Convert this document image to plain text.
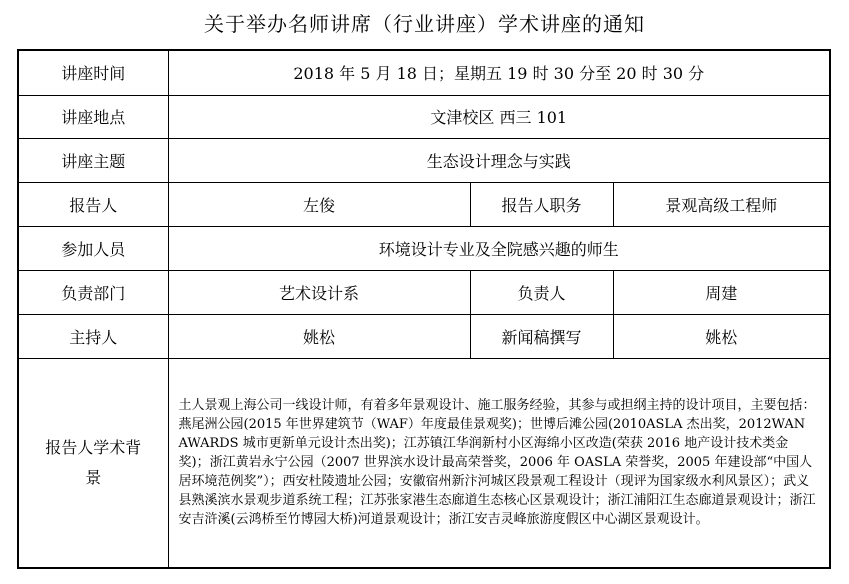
关于举办名师讲席（行业讲座）学术讲座的通知
讲座时间	2018 年 5 月 18 日；星期五 19 时 30 分至 20 时 30 分		
讲座地点	文津校区 西三 101		
讲座主题	生态设计理念与实践		
报告人	左俊	报告人职务	景观高级工程师
参加人员	环境设计专业及全院感兴趣的师生		
负责部门	艺术设计系	负责人	周建
主持人	姚松	新闻稿撰写	姚松
报告人学术背景	土人景观上海公司一线设计师，有着多年景观设计、施工服务经验，其参与或担纲主持的设计项目，主要包括：燕尾洲公园(2015 年世界建筑节（WAF）年度最佳景观奖)；世博后滩公园(2010ASLA 杰出奖，2012WAN AWARDS 城市更新单元设计杰出奖)；江苏镇江华润新村小区海绵小区改造(荣获 2016 地产设计技术类金奖)；浙江黄岩永宁公园（2007 世界滨水设计最高荣誉奖，2006 年 OASLA 荣誉奖，2005 年建设部“中国人居环境范例奖”）；西安杜陵遗址公园；安徽宿州新汴河城区段景观工程设计（现评为国家级水利风景区）；武义县熟溪滨水景观步道系统工程；江苏张家港生态廊道生态核心区景观设计；浙江浦阳江生态廊道景观设计；浙江安吉浒溪(云鸿桥至竹博园大桥)河道景观设计；浙江安吉灵峰旅游度假区中心湖区景观设计。		
